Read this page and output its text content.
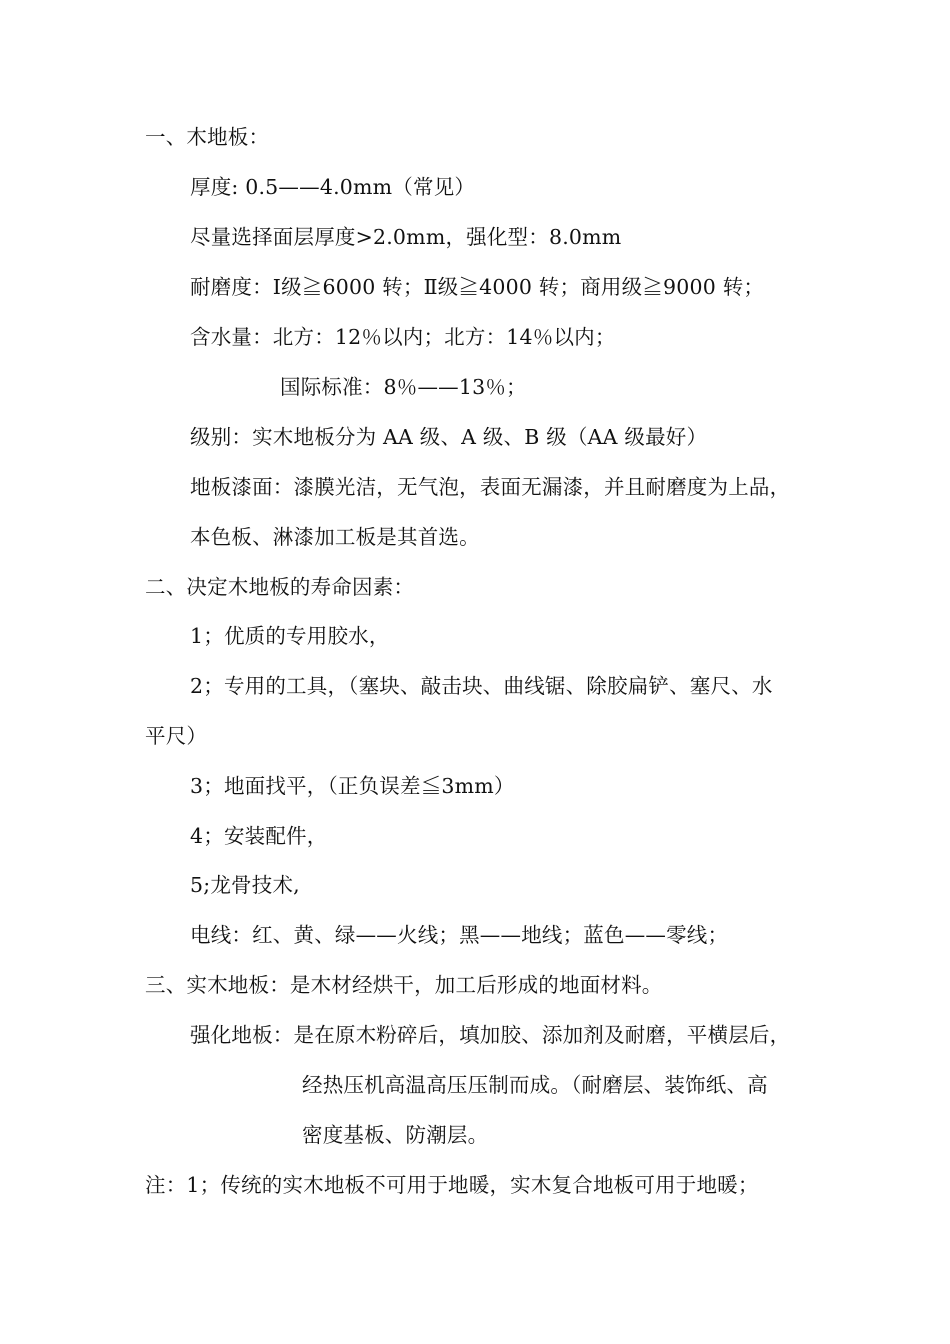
一、木地板：
厚度: 0.5——4.0mm（常见）
尽量选择面层厚度>2.0mm，强化型：8.0mm
耐磨度：Ⅰ级≧6000 转；Ⅱ级≧4000 转；商用级≧9000 转；
含水量：北方：12％以内；北方：14％以内；
国际标准：8％——13％；
级别：实木地板分为 AA 级、A 级、B 级（AA 级最好）
地板漆面：漆膜光洁，无气泡，表面无漏漆，并且耐磨度为上品，
本色板、淋漆加工板是其首选。
二、决定木地板的寿命因素：
1；优质的专用胶水，
2；专用的工具，（塞块、敲击块、曲线锯、除胶扁铲、塞尺、水
平尺）
3；地面找平，（正负误差≦3mm）
4；安装配件，
5;龙骨技术,
电线：红、黄、绿——火线；黑——地线；蓝色——零线；
三、实木地板：是木材经烘干，加工后形成的地面材料。
强化地板：是在原木粉碎后，填加胶、添加剂及耐磨，平横层后，
经热压机高温高压压制而成。（耐磨层、装饰纸、高
密度基板、防潮层。
注：1；传统的实木地板不可用于地暖，实木复合地板可用于地暖；
